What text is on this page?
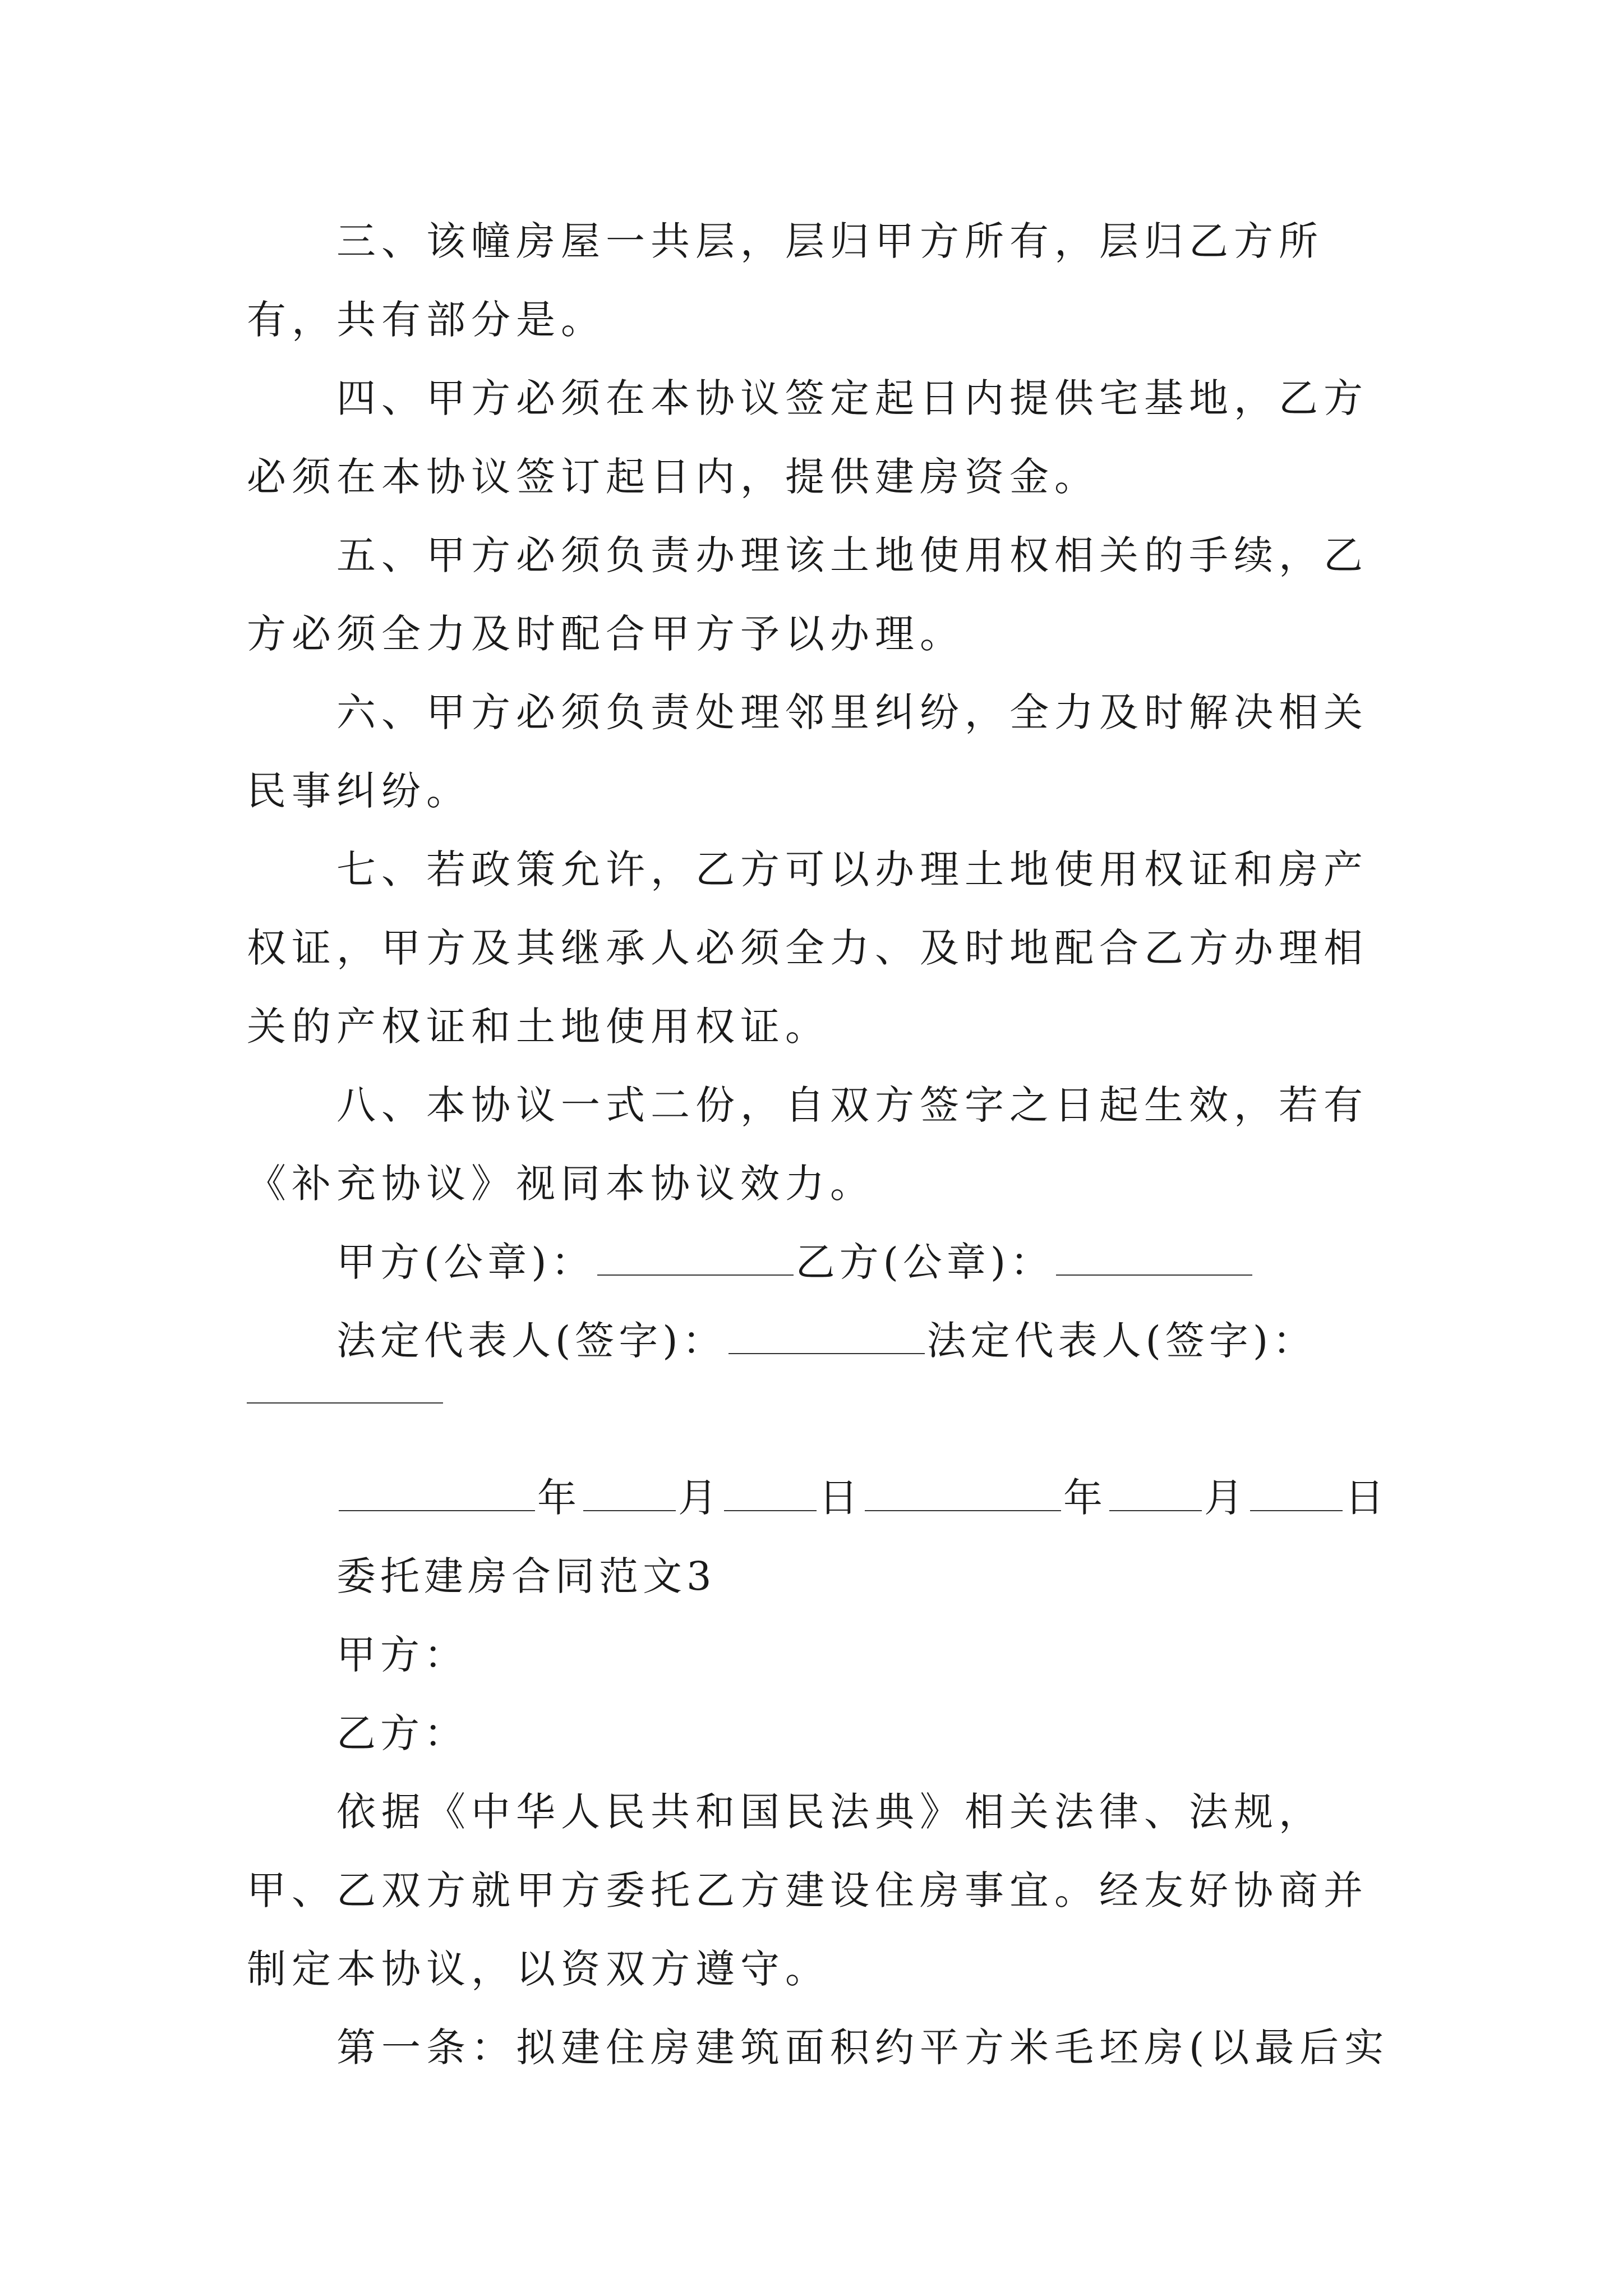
三、该幢房屋一共层，层归甲方所有，层归乙方所有，共有部分是。

四、甲方必须在本协议签定起日内提供宅基地，乙方必须在本协议签订起日内，提供建房资金。

五、甲方必须负责办理该土地使用权相关的手续，乙方必须全力及时配合甲方予以办理。

六、甲方必须负责处理邻里纠纷，全力及时解决相关民事纠纷。

七、若政策允许，乙方可以办理土地使用权证和房产权证，甲方及其继承人必须全力、及时地配合乙方办理相关的产权证和土地使用权证。

八、本协议一式二份，自双方签字之日起生效，若有《补充协议》视同本协议效力。

甲方(公章)：	乙方(公章)：
法定代表人(签字)：	法定代表人(签字)：
年 月 日	年 月 日
委托建房合同范文3
甲方：
乙方：

依据《中华人民共和国民法典》相关法律、法规，甲、乙双方就甲方委托乙方建设住房事宜。经友好协商并制定本协议，以资双方遵守。

第一条：拟建住房建筑面积约平方米毛坯房(以最后实
